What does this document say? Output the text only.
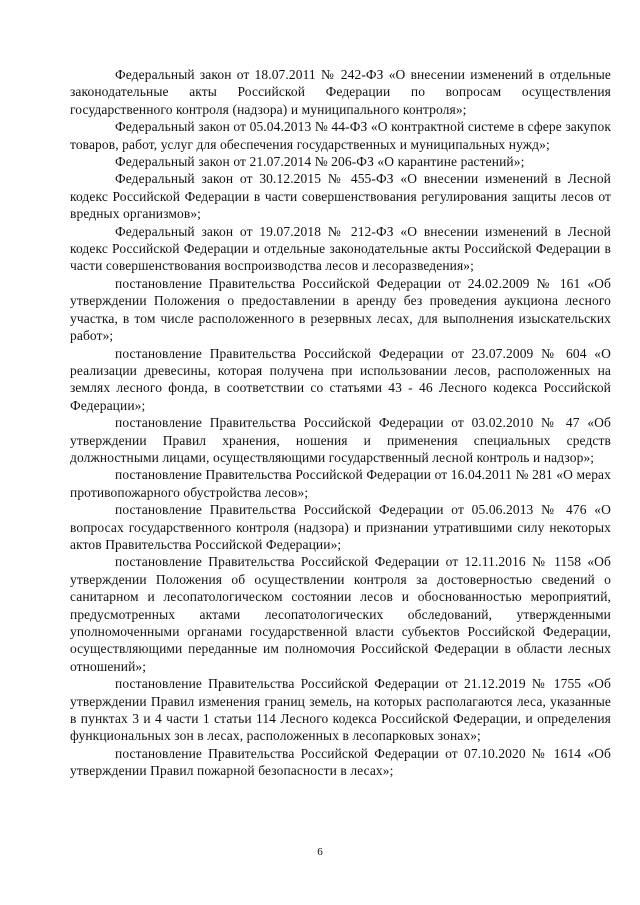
Федеральный закон от 18.07.2011 № 242-ФЗ «О внесении изменений в отдельные законодательные акты Российской Федерации по вопросам осуществления государственного контроля (надзора) и муниципального контроля»;

Федеральный закон от 05.04.2013 № 44-ФЗ «О контрактной системе в сфере закупок товаров, работ, услуг для обеспечения государственных и муниципальных нужд»;

Федеральный закон от 21.07.2014 № 206-ФЗ «О карантине растений»;

Федеральный закон от 30.12.2015 № 455-ФЗ «О внесении изменений в Лесной кодекс Российской Федерации в части совершенствования регулирования защиты лесов от вредных организмов»;

Федеральный закон от 19.07.2018 № 212-ФЗ «О внесении изменений в Лесной кодекс Российской Федерации и отдельные законодательные акты Российской Федерации в части совершенствования воспроизводства лесов и лесоразведения»;

постановление Правительства Российской Федерации от 24.02.2009 № 161 «Об утверждении Положения о предоставлении в аренду без проведения аукциона лесного участка, в том числе расположенного в резервных лесах, для выполнения изыскательских работ»;

постановление Правительства Российской Федерации от 23.07.2009 № 604 «О реализации древесины, которая получена при использовании лесов, расположенных на землях лесного фонда, в соответствии со статьями 43 - 46 Лесного кодекса Российской Федерации»;

постановление Правительства Российской Федерации от 03.02.2010 № 47 «Об утверждении Правил хранения, ношения и применения специальных средств должностными лицами, осуществляющими государственный лесной контроль и надзор»;

постановление Правительства Российской Федерации от 16.04.2011 № 281 «О мерах противопожарного обустройства лесов»;

постановление Правительства Российской Федерации от 05.06.2013 № 476 «О вопросах государственного контроля (надзора) и признании утратившими силу некоторых актов Правительства Российской Федерации»;

постановление Правительства Российской Федерации от 12.11.2016 № 1158 «Об утверждении Положения об осуществлении контроля за достоверностью сведений о санитарном и лесопатологическом состоянии лесов и обоснованностью мероприятий, предусмотренных актами лесопатологических обследований, утвержденными уполномоченными органами государственной власти субъектов Российской Федерации, осуществляющими переданные им полномочия Российской Федерации в области лесных отношений»;

постановление Правительства Российской Федерации от 21.12.2019 № 1755 «Об утверждении Правил изменения границ земель, на которых располагаются леса, указанные в пунктах 3 и 4 части 1 статьи 114 Лесного кодекса Российской Федерации, и определения функциональных зон в лесах, расположенных в лесопарковых зонах»;

постановление Правительства Российской Федерации от 07.10.2020 № 1614 «Об утверждении Правил пожарной безопасности в лесах»;

6
